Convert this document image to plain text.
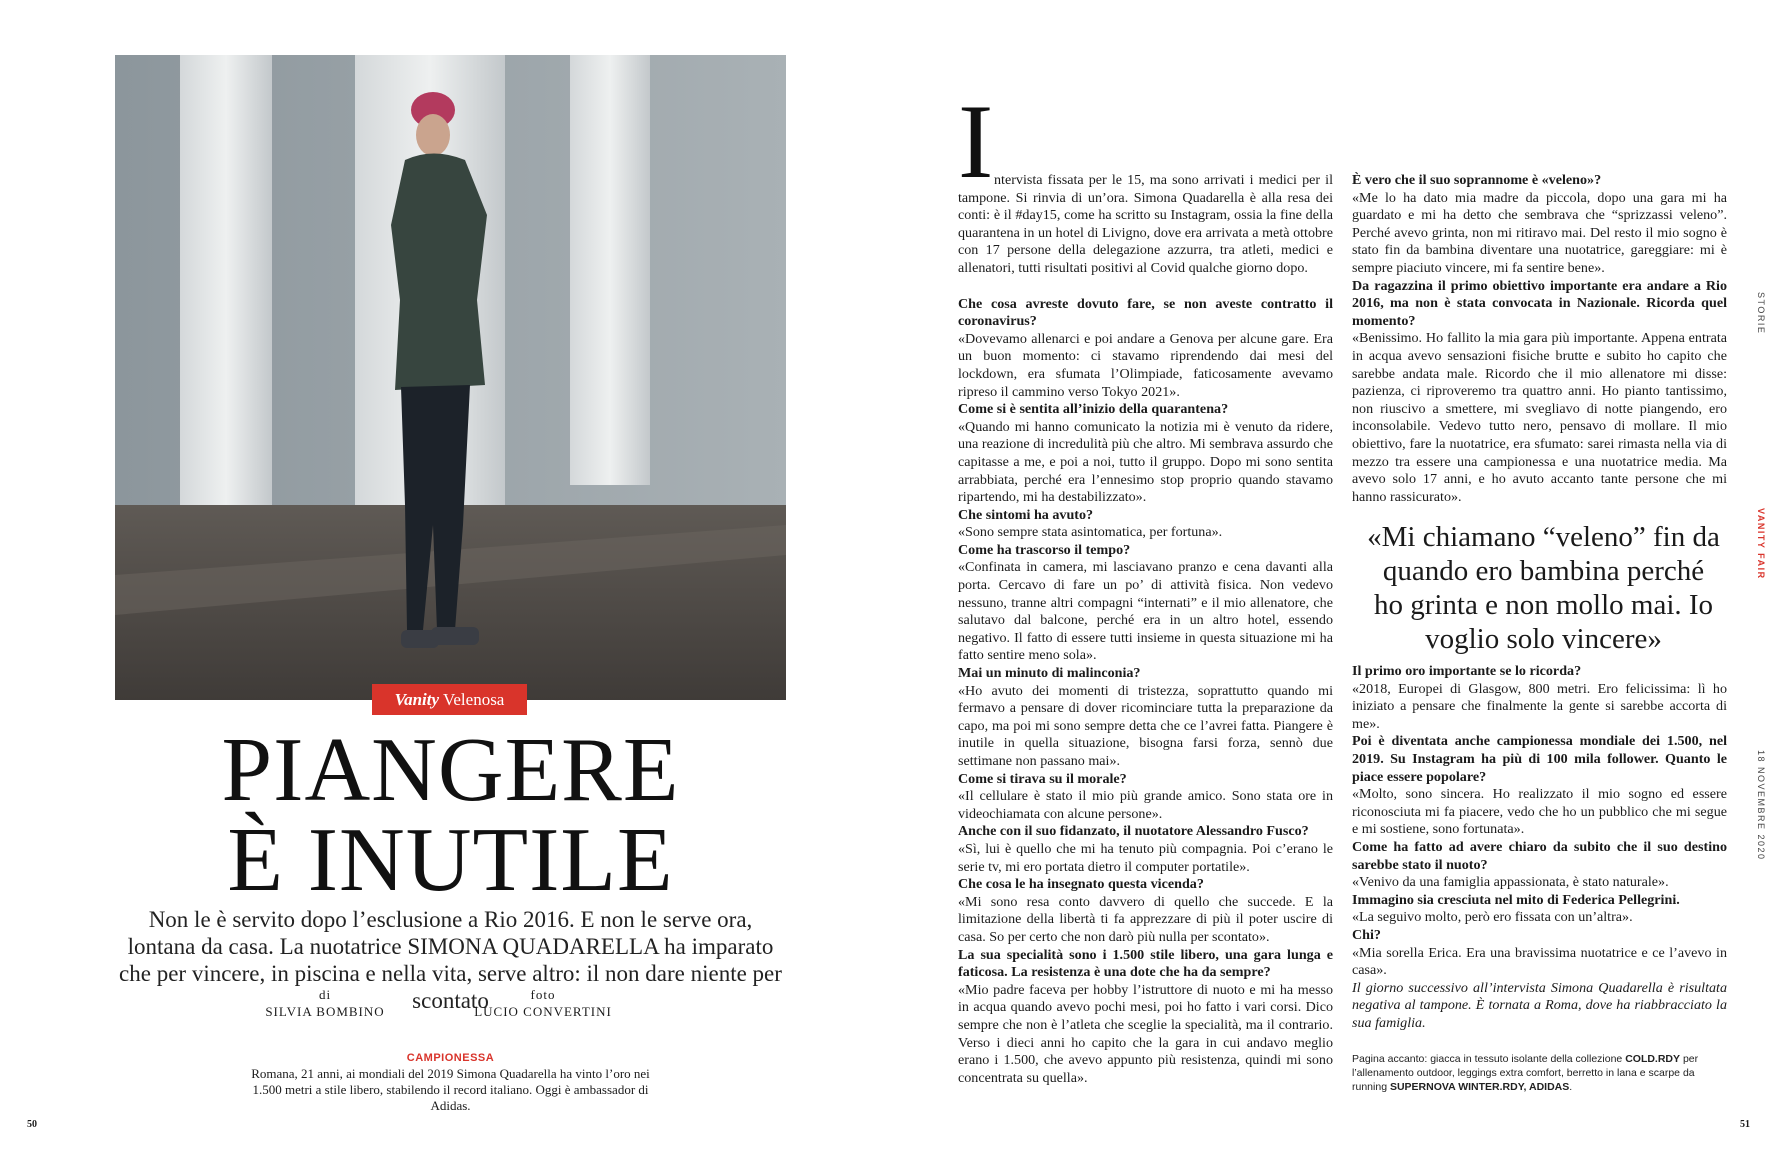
Vanity Velenosa
PIANGERE
È INUTILE
Non le è servito dopo l’esclusione a Rio 2016. E non le serve ora, lontana da casa. La nuotatrice SIMONA QUADARELLA ha imparato che per vincere, in piscina e nella vita, serve altro: il non dare niente per scontato
di
SILVIA BOMBINO
foto
LUCIO CONVERTINI
CAMPIONESSA
Romana, 21 anni, ai mondiali del 2019 Simona Quadarella ha vinto l’oro nei 1.500 metri a stile libero, stabilendo il record italiano. Oggi è ambassador di Adidas.
50
I ntervista fissata per le 15, ma sono arrivati i medici per il tampone. Si rinvia di un’ora. Simona Quadarella è alla resa dei conti: è il #day15, come ha scritto su Instagram, ossia la fine della quarantena in un hotel di Livigno, dove era arrivata a metà ottobre con 17 persone della delegazione azzurra, tra atleti, medici e allenatori, tutti risultati positivi al Covid qualche giorno dopo.

Che cosa avreste dovuto fare, se non aveste contratto il coronavirus?

«Dovevamo allenarci e poi andare a Genova per alcune gare. Era un buon momento: ci stavamo riprendendo dai mesi del lockdown, era sfumata l’Olimpiade, faticosamente avevamo ripreso il cammino verso Tokyo 2021».

Come si è sentita all’inizio della quarantena?

«Quando mi hanno comunicato la notizia mi è venuto da ridere, una reazione di incredulità più che altro. Mi sembrava assurdo che capitasse a me, e poi a noi, tutto il gruppo. Dopo mi sono sentita arrabbiata, perché era l’ennesimo stop proprio quando stavamo ripartendo, mi ha destabilizzato».

Che sintomi ha avuto?

«Sono sempre stata asintomatica, per fortuna».

Come ha trascorso il tempo?

«Confinata in camera, mi lasciavano pranzo e cena davanti alla porta. Cercavo di fare un po’ di attività fisica. Non vedevo nessuno, tranne altri compagni “internati” e il mio allenatore, che salutavo dal balcone, perché era in un altro hotel, essendo negativo. Il fatto di essere tutti insieme in questa situazione mi ha fatto sentire meno sola».

Mai un minuto di malinconia?

«Ho avuto dei momenti di tristezza, soprattutto quando mi fermavo a pensare di dover ricominciare tutta la preparazione da capo, ma poi mi sono sempre detta che ce l’avrei fatta. Piangere è inutile in quella situazione, bisogna farsi forza, sennò due settimane non passano mai».

Come si tirava su il morale?

«Il cellulare è stato il mio più grande amico. Sono stata ore in videochiamata con alcune persone».

Anche con il suo fidanzato, il nuotatore Alessandro Fusco?

«Sì, lui è quello che mi ha tenuto più compagnia. Poi c’erano le serie tv, mi ero portata dietro il computer portatile».

Che cosa le ha insegnato questa vicenda?

«Mi sono resa conto davvero di quello che succede. E la limitazione della libertà ti fa apprezzare di più il poter uscire di casa. So per certo che non darò più nulla per scontato».

La sua specialità sono i 1.500 stile libero, una gara lunga e faticosa. La resistenza è una dote che ha da sempre?

«Mio padre faceva per hobby l’istruttore di nuoto e mi ha messo in acqua quando avevo pochi mesi, poi ho fatto i vari corsi. Dico sempre che non è l’atleta che sceglie la specialità, ma il contrario. Verso i dieci anni ho capito che la gara in cui andavo meglio erano i 1.500, che avevo appunto più resistenza, quindi mi sono concentrata su quella».

È vero che il suo soprannome è «veleno»?

«Me lo ha dato mia madre da piccola, dopo una gara mi ha guardato e mi ha detto che sembrava che “sprizzassi veleno”. Perché avevo grinta, non mi ritiravo mai. Del resto il mio sogno è stato fin da bambina diventare una nuotatrice, gareggiare: mi è sempre piaciuto vincere, mi fa sentire bene».

Da ragazzina il primo obiettivo importante era andare a Rio 2016, ma non è stata convocata in Nazionale. Ricorda quel momento?

«Benissimo. Ho fallito la mia gara più importante. Appena entrata in acqua avevo sensazioni fisiche brutte e subito ho capito che sarebbe andata male. Ricordo che il mio allenatore mi disse: pazienza, ci riproveremo tra quattro anni. Ho pianto tantissimo, non riuscivo a smettere, mi svegliavo di notte piangendo, ero inconsolabile. Vedevo tutto nero, pensavo di mollare. Il mio obiettivo, fare la nuotatrice, era sfumato: sarei rimasta nella via di mezzo tra essere una campionessa e una nuotatrice media. Ma avevo solo 17 anni, e ho avuto accanto tante persone che mi hanno rassicurato».

«Mi chiamano “veleno” fin da quando ero bambina perché ho grinta e non mollo mai. Io voglio solo vincere»

Il primo oro importante se lo ricorda?

«2018, Europei di Glasgow, 800 metri. Ero felicissima: lì ho iniziato a pensare che finalmente la gente si sarebbe accorta di me».

Poi è diventata anche campionessa mondiale dei 1.500, nel 2019. Su Instagram ha più di 100 mila follower. Quanto le piace essere popolare?

«Molto, sono sincera. Ho realizzato il mio sogno ed essere riconosciuta mi fa piacere, vedo che ho un pubblico che mi segue e mi sostiene, sono fortunata».

Come ha fatto ad avere chiaro da subito che il suo destino sarebbe stato il nuoto?

«Venivo da una famiglia appassionata, è stato naturale».

Immagino sia cresciuta nel mito di Federica Pellegrini.

«La seguivo molto, però ero fissata con un’altra».

Chi?

«Mia sorella Erica. Era una bravissima nuotatrice e ce l’avevo in casa».

Il giorno successivo all’intervista Simona Quadarella è risultata negativa al tampone. È tornata a Roma, dove ha riabbracciato la sua famiglia.

Pagina accanto: giacca in tessuto isolante della collezione COLD.RDY per l’allenamento outdoor, leggings extra comfort, berretto in lana e scarpe da running SUPERNOVA WINTER.RDY, ADIDAS.
STORIE
VANITY FAIR
18 NOVEMBRE 2020
51
